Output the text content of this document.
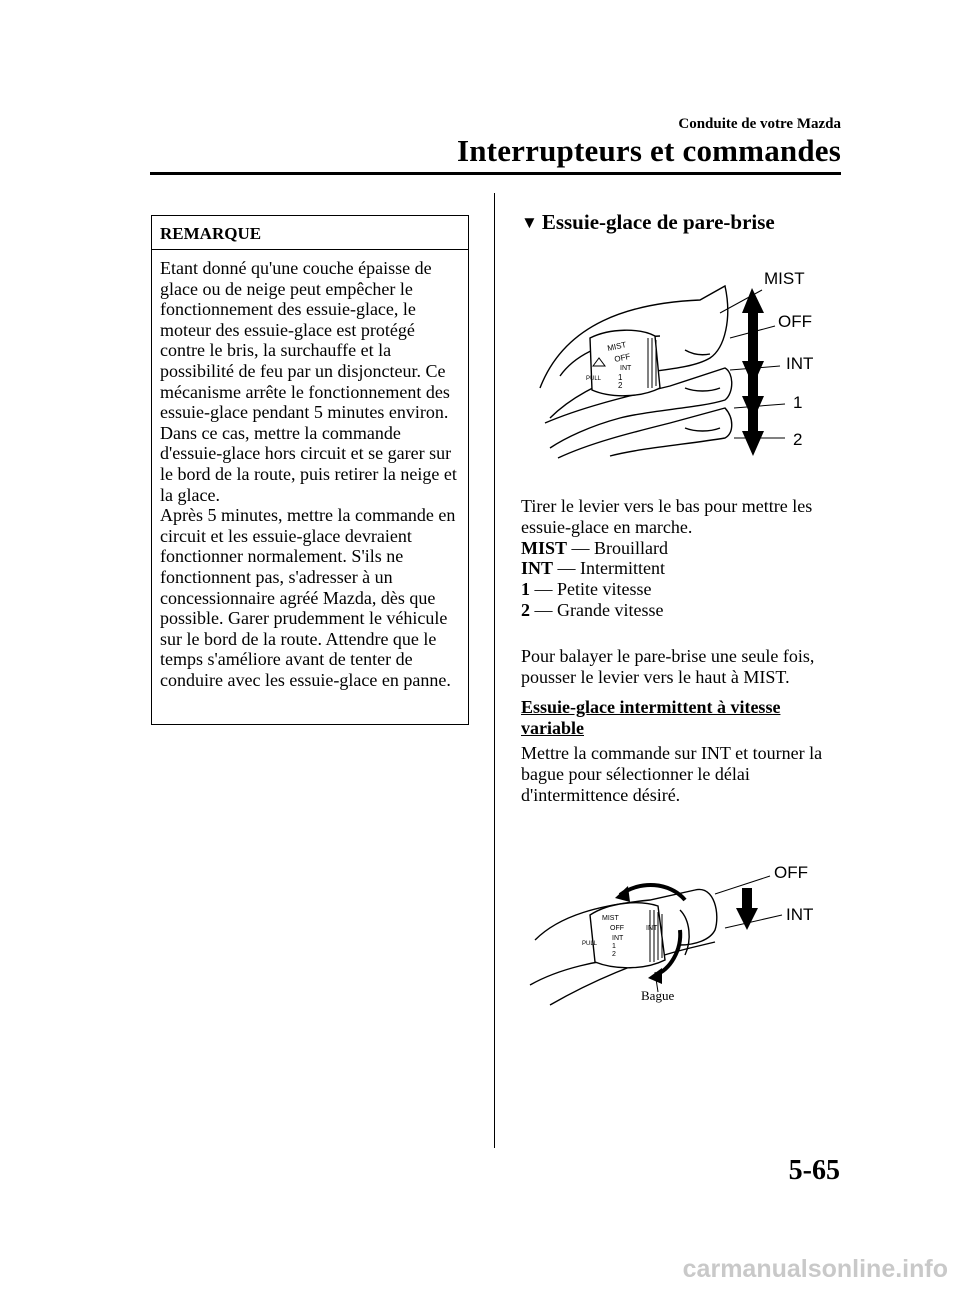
Conduite de votre Mazda
Interrupteurs et commandes
REMARQUE

Etant donné qu'une couche épaisse de glace ou de neige peut empêcher le fonctionnement des essuie-glace, le moteur des essuie-glace est protégé contre le bris, la surchauffe et la possibilité de feu par un disjoncteur. Ce mécanisme arrête le fonctionnement des essuie-glace pendant 5 minutes environ. Dans ce cas, mettre la commande d'essuie-glace hors circuit et se garer sur le bord de la route, puis retirer la neige et la glace.

Après 5 minutes, mettre la commande en circuit et les essuie-glace devraient fonctionner normalement. S'ils ne fonctionnent pas, s'adresser à un concessionnaire agréé Mazda, dès que possible. Garer prudemment le véhicule sur le bord de la route. Attendre que le temps s'améliore avant de tenter de conduire avec les essuie-glace en panne.

▼ Essuie-glace de pare-brise
MIST
OFF
INT
1
2
PULL
MIST
OFF
INT
1
2

Tirer le levier vers le bas pour mettre les essuie-glace en marche.

MIST ― Brouillard

INT — Intermittent

1 — Petite vitesse

2 — Grande vitesse

Pour balayer le pare-brise une seule fois, pousser le levier vers le haut à MIST.
Essuie-glace intermittent à vitesse variable
Mettre la commande sur INT et tourner la bague pour sélectionner le délai d'intermittence désiré.
MIST
OFF
INT
1
2
PULL
INT
OFF
INT
Bague
5-65
carmanualsonline.info
